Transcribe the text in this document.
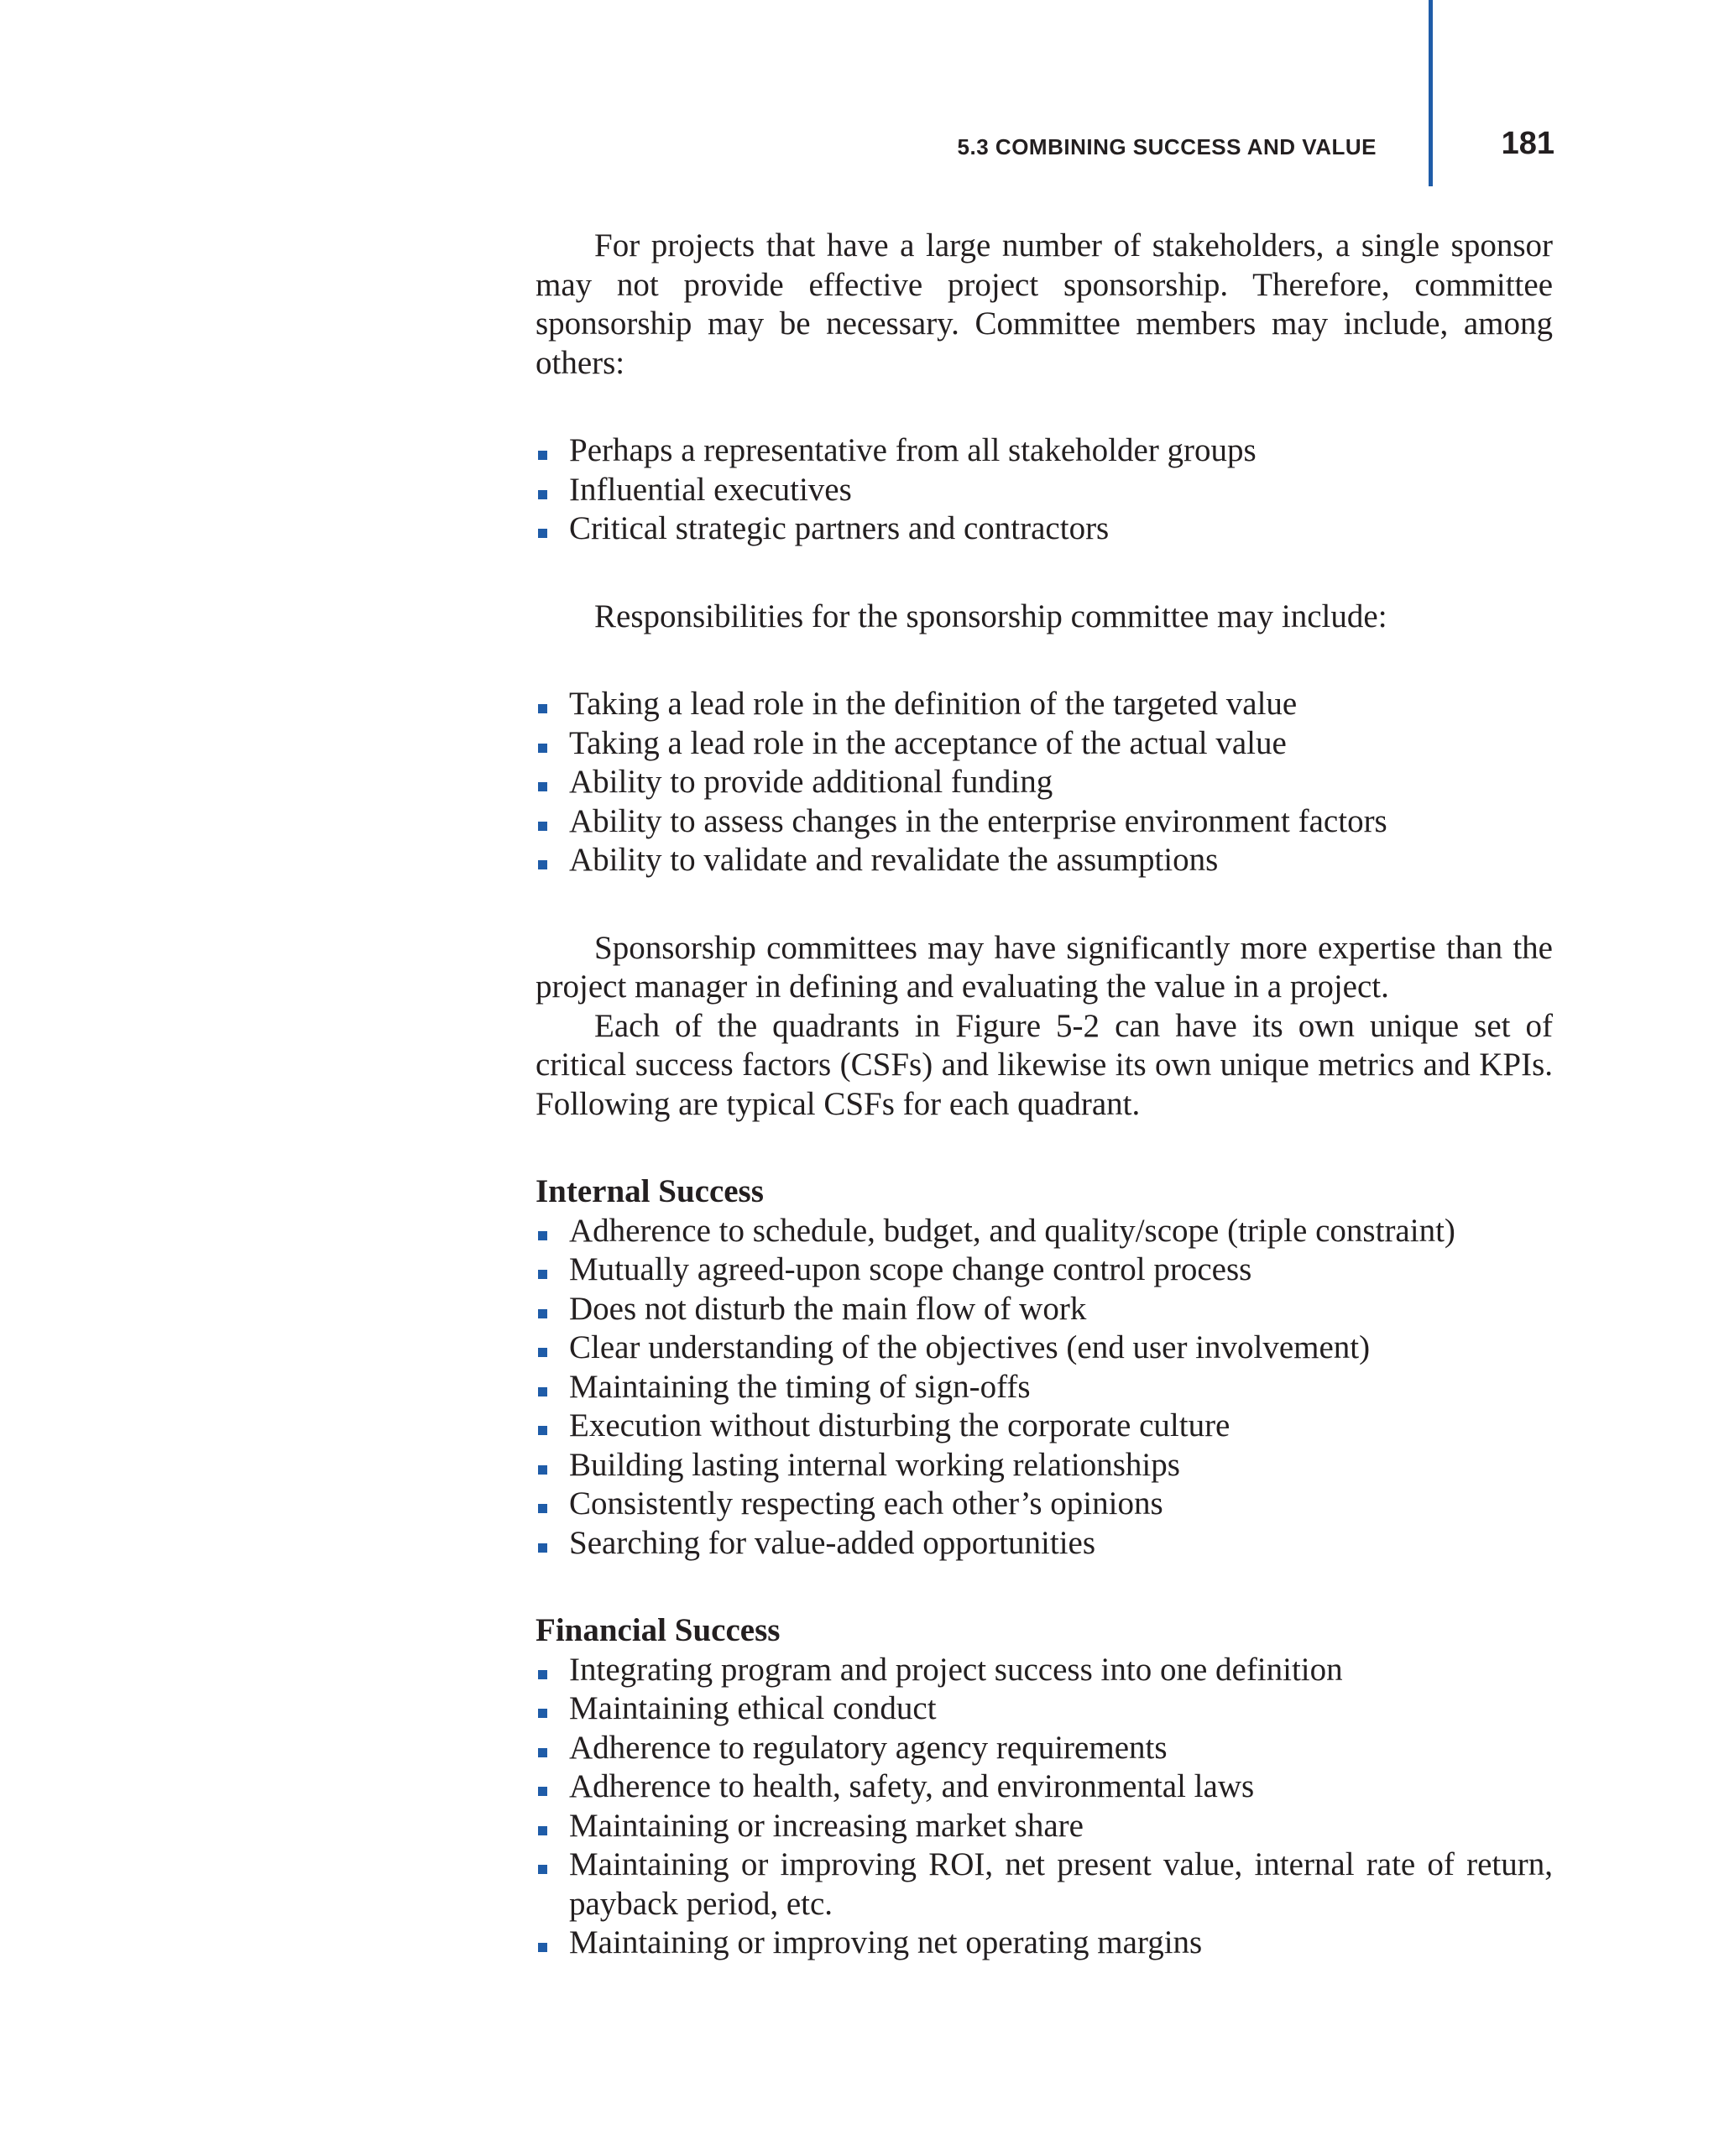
5.3 COMBINING SUCCESS AND VALUE	181

For projects that have a large number of stakeholders, a single sponsor may not provide effective project sponsorship. Therefore, committee sponsorship may be necessary. Committee members may include, among others:

Perhaps a representative from all stakeholder groups
Influential executives
Critical strategic partners and contractors

Responsibilities for the sponsorship committee may include:

Taking a lead role in the definition of the targeted value
Taking a lead role in the acceptance of the actual value
Ability to provide additional funding
Ability to assess changes in the enterprise environment factors
Ability to validate and revalidate the assumptions

Sponsorship committees may have significantly more expertise than the project manager in defining and evaluating the value in a project.

Each of the quadrants in Figure 5-2 can have its own unique set of critical success factors (CSFs) and likewise its own unique metrics and KPIs. Following are typical CSFs for each quadrant.

Internal Success
Adherence to schedule, budget, and quality/scope (triple constraint)
Mutually agreed-upon scope change control process
Does not disturb the main flow of work
Clear understanding of the objectives (end user involvement)
Maintaining the timing of sign-offs
Execution without disturbing the corporate culture
Building lasting internal working relationships
Consistently respecting each other’s opinions
Searching for value-added opportunities
Financial Success
Integrating program and project success into one definition
Maintaining ethical conduct
Adherence to regulatory agency requirements
Adherence to health, safety, and environmental laws
Maintaining or increasing market share
Maintaining or improving ROI, net present value, internal rate of return, payback period, etc.
Maintaining or improving net operating margins
